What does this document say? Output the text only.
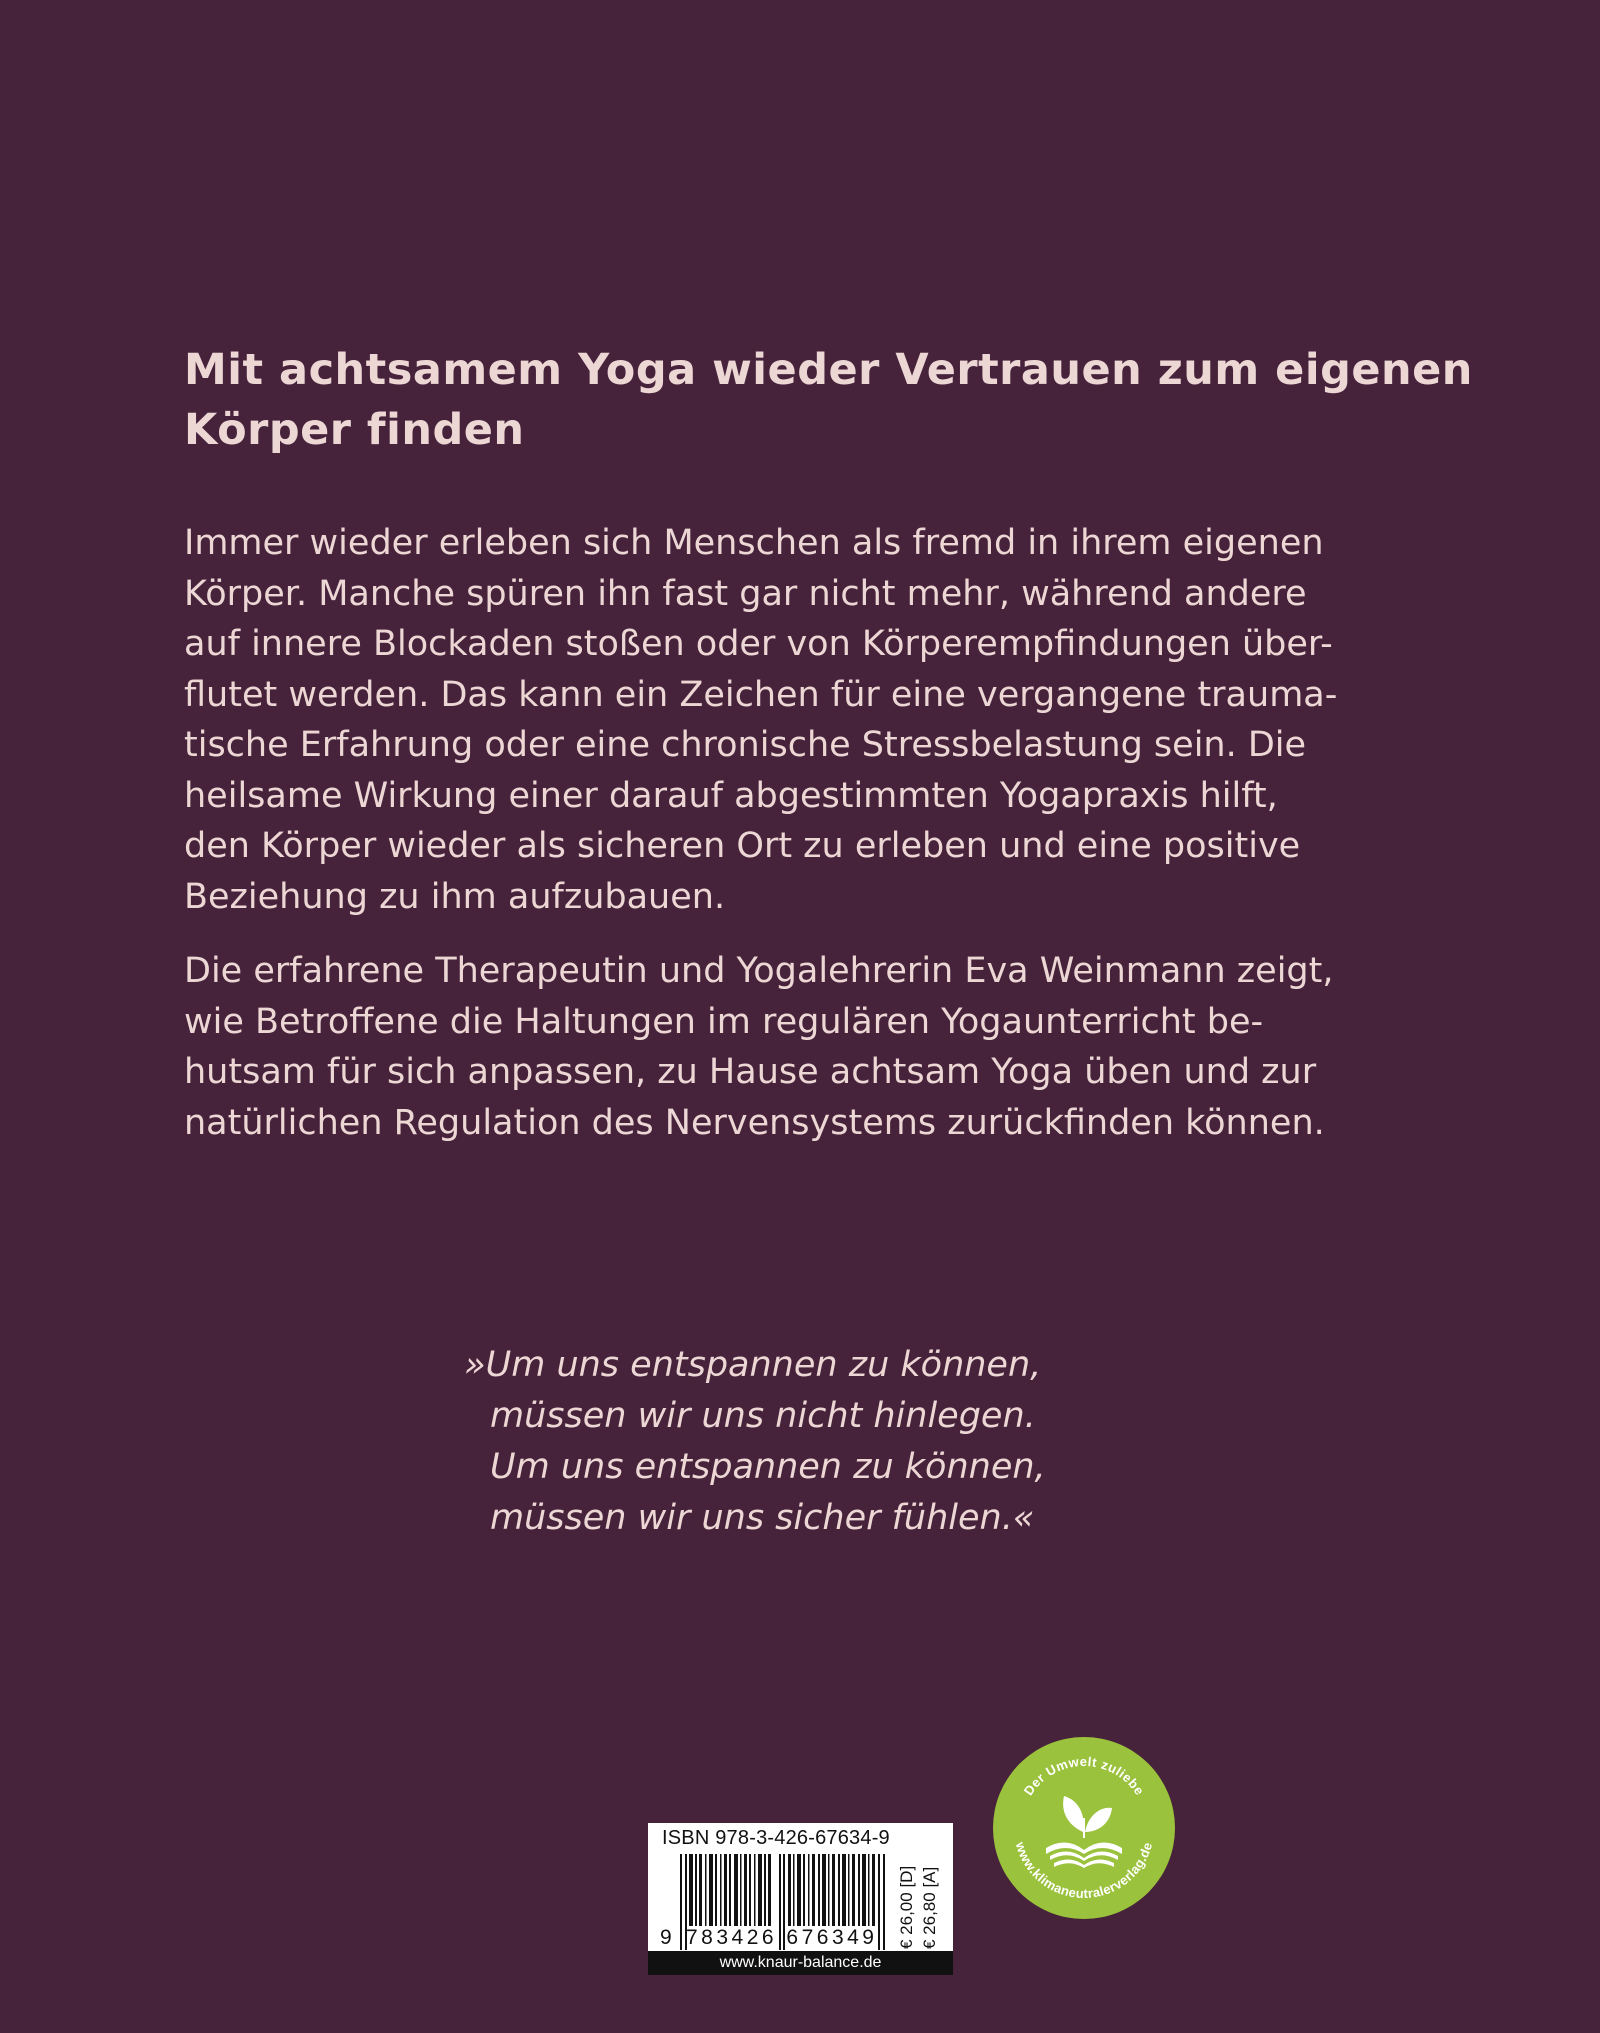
Mit achtsamem Yoga wieder Vertrauen zum eigenen
Körper finden

Immer wieder erleben sich Menschen als fremd in ihrem eigenen
Körper. Manche spüren ihn fast gar nicht mehr, während andere
auf innere Blockaden stoßen oder von Körperempfindungen über-
flutet werden. Das kann ein Zeichen für eine vergangene trauma-
tische Erfahrung oder eine chronische Stressbelastung sein. Die
heilsame Wirkung einer darauf abgestimmten Yogapraxis hilft,
den Körper wieder als sicheren Ort zu erleben und eine positive
Beziehung zu ihm aufzubauen.

Die erfahrene Therapeutin und Yogalehrerin Eva Weinmann zeigt,
wie Betroffene die Haltungen im regulären Yogaunterricht be-
hutsam für sich anpassen, zu Hause achtsam Yoga üben und zur
natürlichen Regulation des Nervensystems zurückfinden können.

»Um uns entspannen zu können,
müssen wir uns nicht hinlegen.
Um uns entspannen zu können,
müssen wir uns sicher fühlen.«
ISBN 978-3-426-67634-9
9 783426 676349 € 26,00 [D] € 26,80 [A]
www.knaur-balance.de
Der Umwelt zuliebe
www.klimaneutralerverlag.de
